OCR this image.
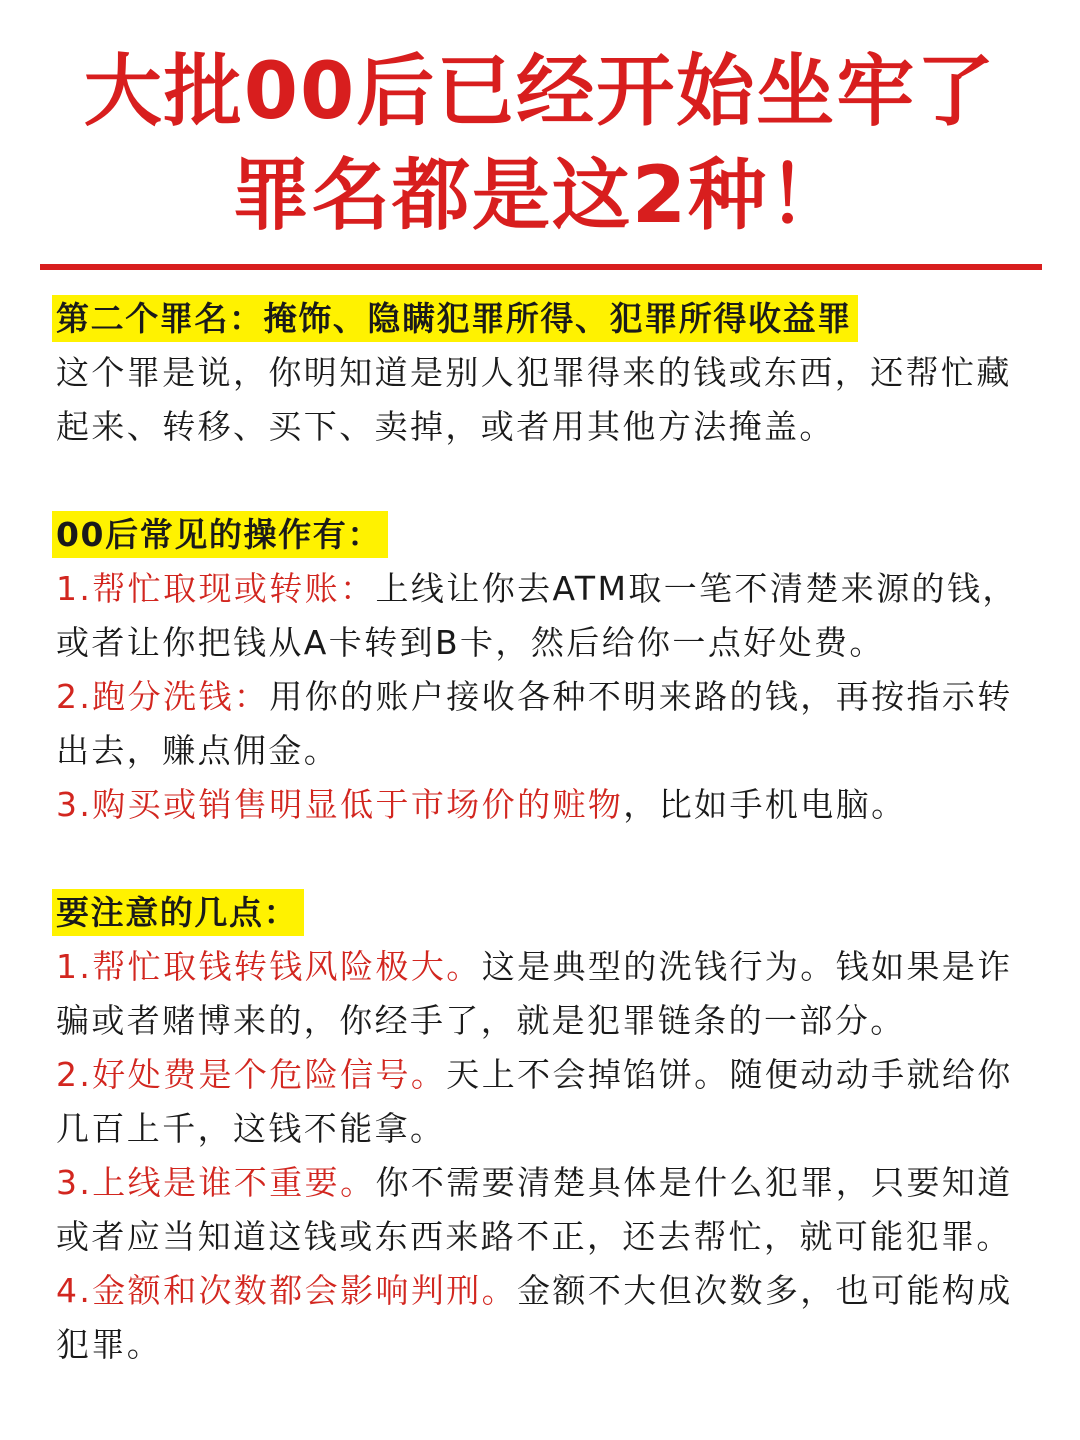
大批00后已经开始坐牢了
罪名都是这2种！
第二个罪名：掩饰、隐瞒犯罪所得、犯罪所得收益罪

这个罪是说，你明知道是别人犯罪得来的钱或东西，还帮忙藏起来、转移、买下、卖掉，或者用其他方法掩盖。

00后常见的操作有：

1.帮忙取现或转账：上线让你去ATM取一笔不清楚来源的钱，或者让你把钱从A卡转到B卡，然后给你一点好处费。

2.跑分洗钱：用你的账户接收各种不明来路的钱，再按指示转出去，赚点佣金。

3.购买或销售明显低于市场价的赃物，比如手机电脑。

要注意的几点：

1.帮忙取钱转钱风险极大。这是典型的洗钱行为。钱如果是诈骗或者赌博来的，你经手了，就是犯罪链条的一部分。

2.好处费是个危险信号。天上不会掉馅饼。随便动动手就给你几百上千，这钱不能拿。

3.上线是谁不重要。你不需要清楚具体是什么犯罪，只要知道或者应当知道这钱或东西来路不正，还去帮忙，就可能犯罪。

4.金额和次数都会影响判刑。金额不大但次数多，也可能构成犯罪。
